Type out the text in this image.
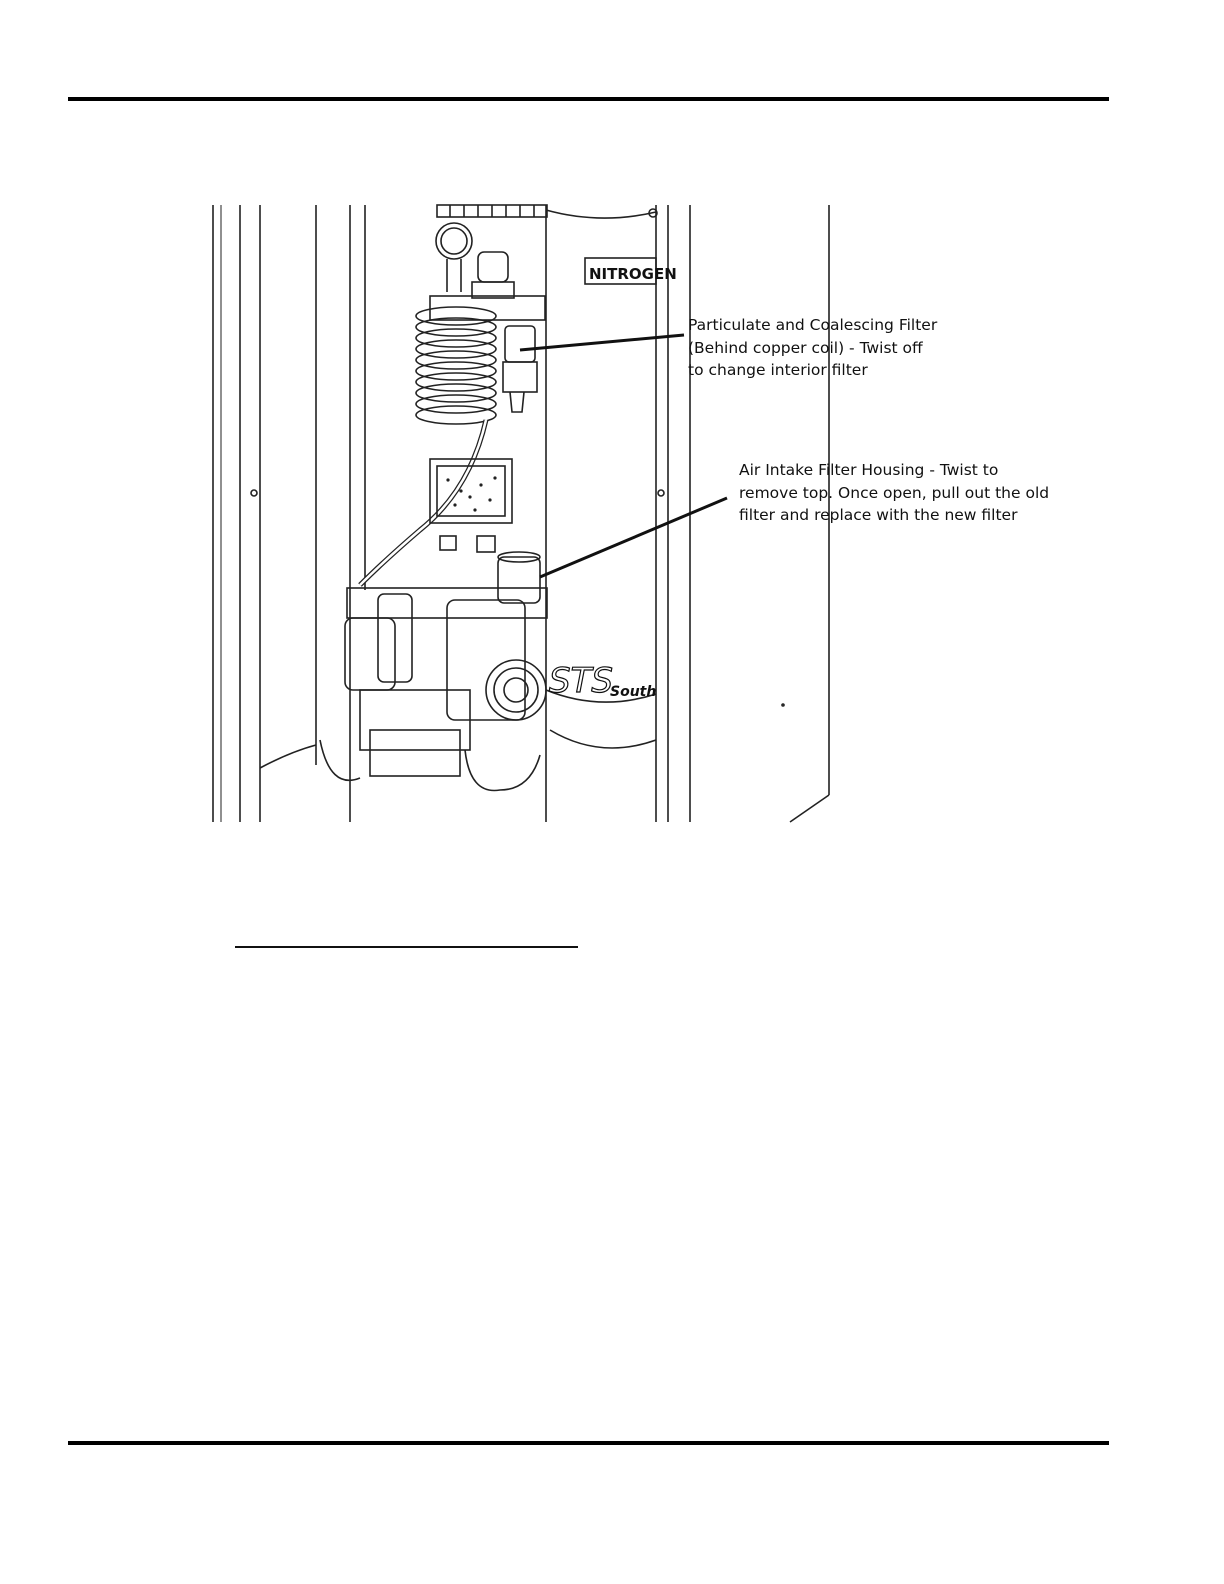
NITROGEN
STS
South
Particulate and Coalescing Filter
(Behind copper coil) - Twist off
to change interior filter
Air Intake Filter Housing - Twist to
remove top. Once open, pull out the old
filter and replace with the new filter
